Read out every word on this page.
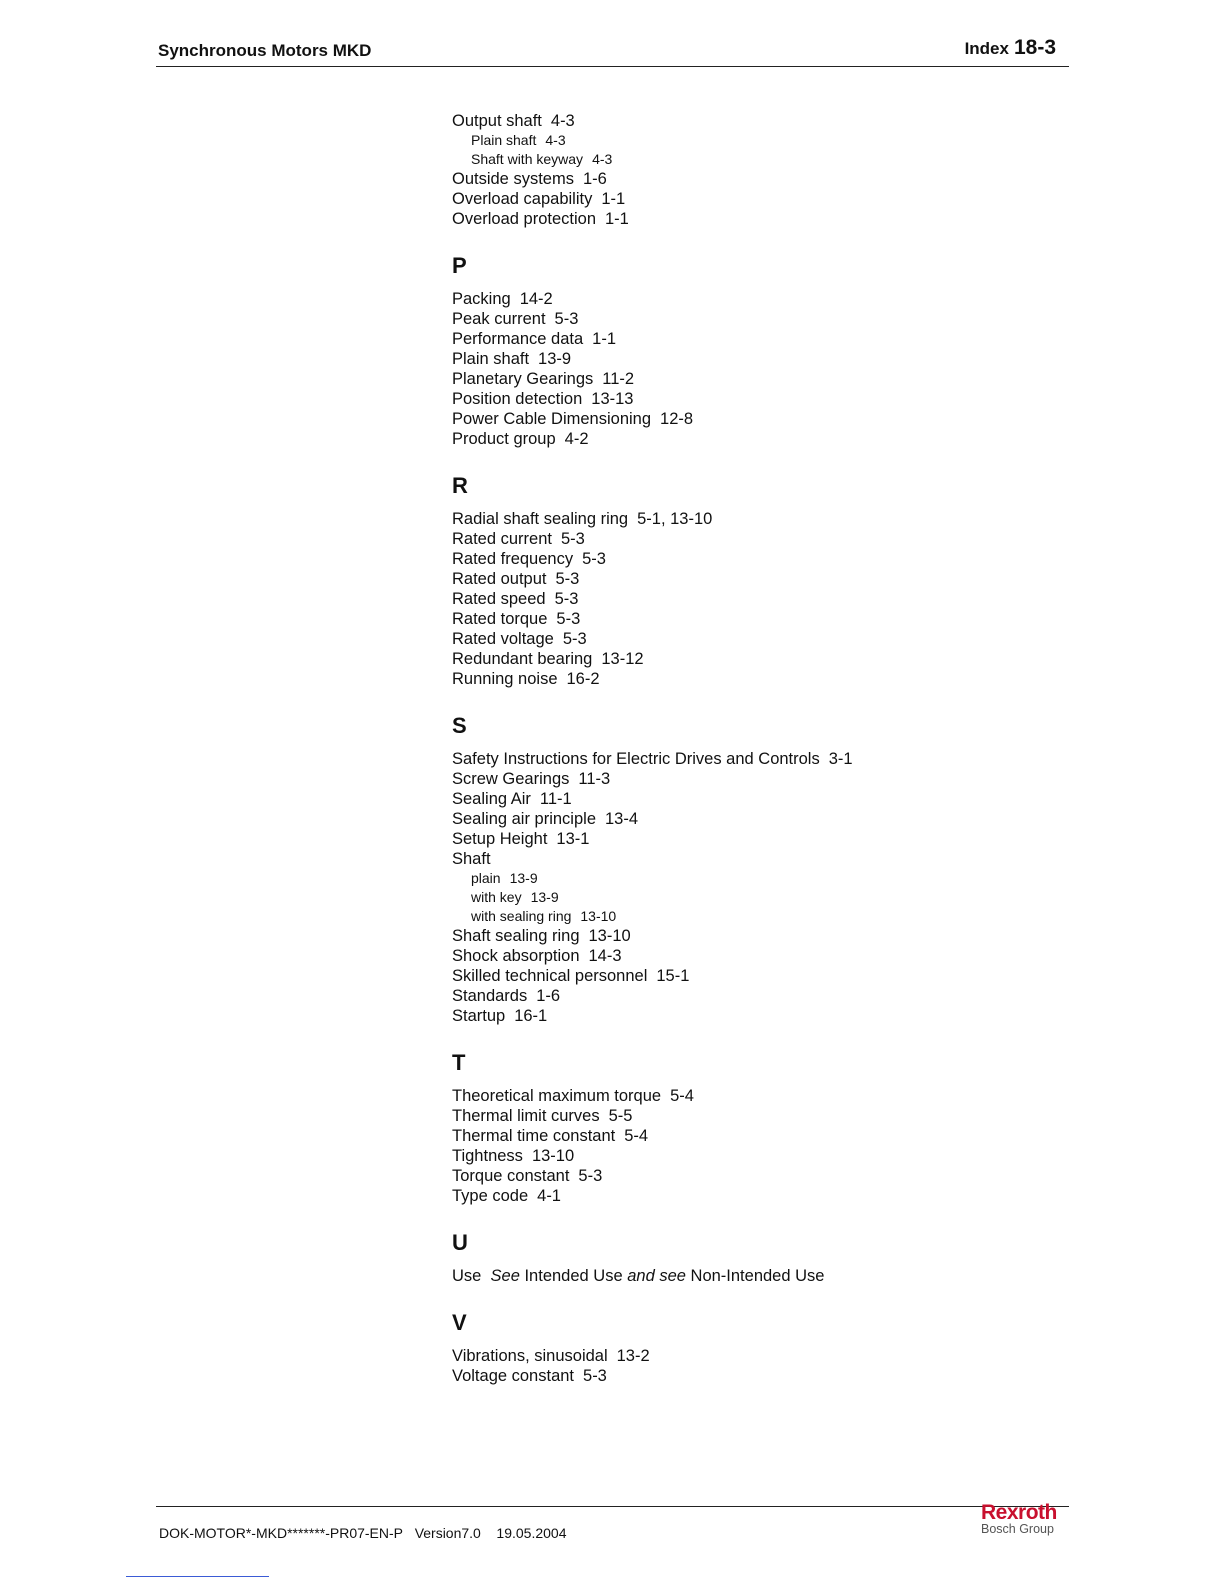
Synchronous Motors MKD	Index 18-3
Output shaft 4-3
Plain shaft 4-3
Shaft with keyway 4-3
Outside systems 1-6
Overload capability 1-1
Overload protection 1-1
P
Packing 14-2
Peak current 5-3
Performance data 1-1
Plain shaft 13-9
Planetary Gearings 11-2
Position detection 13-13
Power Cable Dimensioning 12-8
Product group 4-2
R
Radial shaft sealing ring 5-1, 13-10
Rated current 5-3
Rated frequency 5-3
Rated output 5-3
Rated speed 5-3
Rated torque 5-3
Rated voltage 5-3
Redundant bearing 13-12
Running noise 16-2
S
Safety Instructions for Electric Drives and Controls 3-1
Screw Gearings 11-3
Sealing Air 11-1
Sealing air principle 13-4
Setup Height 13-1
Shaft
plain 13-9
with key 13-9
with sealing ring 13-10
Shaft sealing ring 13-10
Shock absorption 14-3
Skilled technical personnel 15-1
Standards 1-6
Startup 16-1
T
Theoretical maximum torque 5-4
Thermal limit curves 5-5
Thermal time constant 5-4
Tightness 13-10
Torque constant 5-3
Type code 4-1
U
Use See Intended Use and see Non-Intended Use
V
Vibrations, sinusoidal 13-2
Voltage constant 5-3
DOK-MOTOR*-MKD*******-PR07-EN-P Version7.0 19.05.2004
Rexroth
Bosch Group
